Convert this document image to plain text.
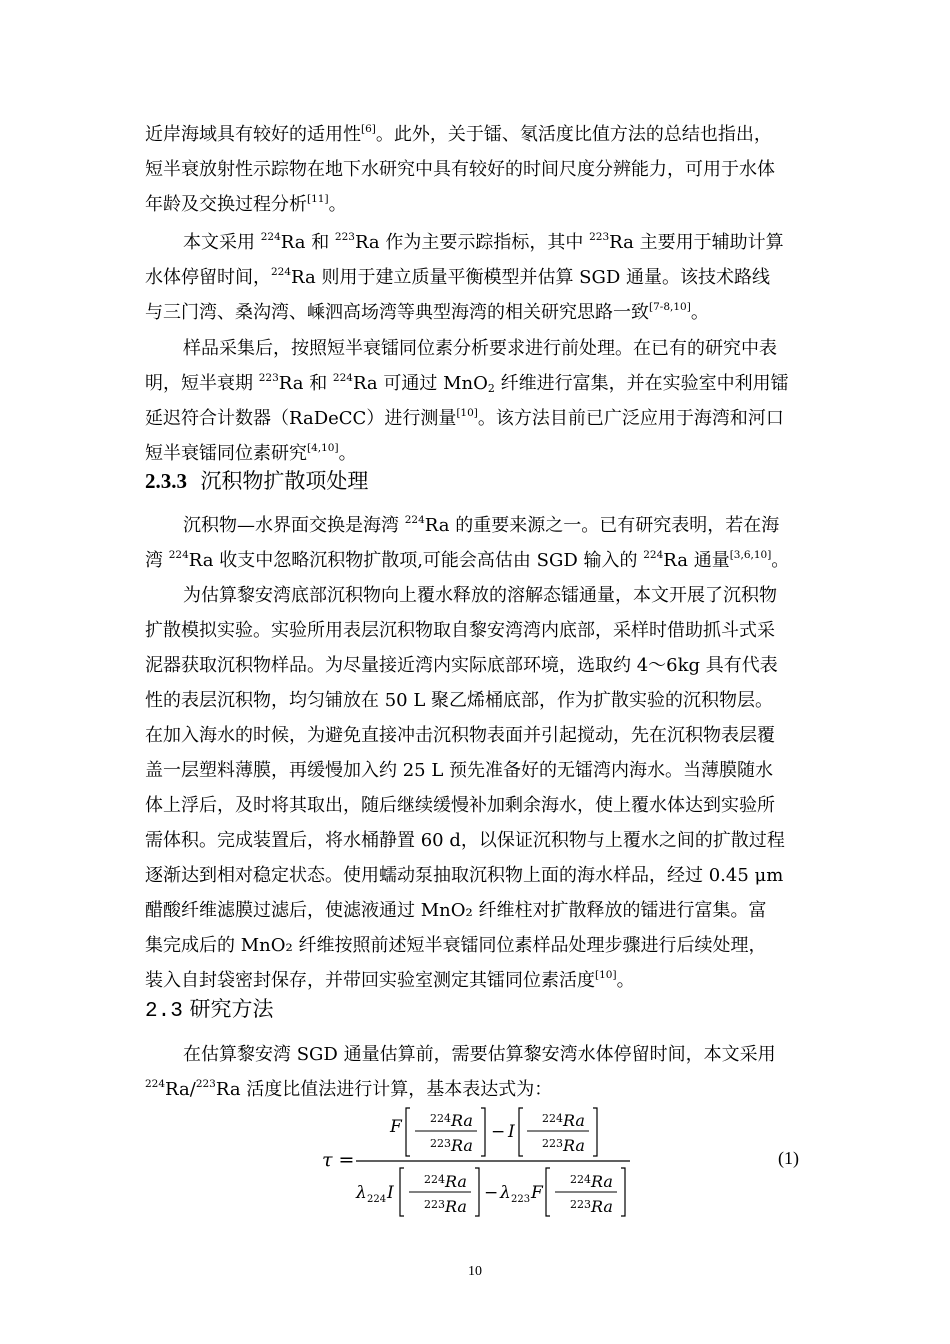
近岸海域具有较好的适用性[6]。此外，关于镭、氡活度比值方法的总结也指出，
短半衰放射性示踪物在地下水研究中具有较好的时间尺度分辨能力，可用于水体
年龄及交换过程分析[11]。
本文采用 $^{224}$Ra 和 $^{223}$Ra 作为主要示踪指标，其中 $^{223}$Ra 主要用于辅助计算
水体停留时间，$^{224}$Ra 则用于建立质量平衡模型并估算 SGD 通量。该技术路线
与三门湾、桑沟湾、嵊泗高场湾等典型海湾的相关研究思路一致[7-8,10]。
样品采集后，按照短半衰镭同位素分析要求进行前处理。在已有的研究中表
明，短半衰期 $^{223}$Ra 和 $^{224}$Ra 可通过 MnO$_2$ 纤维进行富集，并在实验室中利用镭
延迟符合计数器（RaDeCC）进行测量[10]。该方法目前已广泛应用于海湾和河口
短半衰镭同位素研究[4,10]。
2.3.3 沉积物扩散项处理
沉积物—水界面交换是海湾 $^{224}$Ra 的重要来源之一。已有研究表明，若在海
湾 $^{224}$Ra 收支中忽略沉积物扩散项,可能会高估由 SGD 输入的 $^{224}$Ra 通量[3,6,10]。
为估算黎安湾底部沉积物向上覆水释放的溶解态镭通量，本文开展了沉积物
扩散模拟实验。实验所用表层沉积物取自黎安湾湾内底部，采样时借助抓斗式采
泥器获取沉积物样品。为尽量接近湾内实际底部环境，选取约 4～6kg 具有代表
性的表层沉积物，均匀铺放在 50 L 聚乙烯桶底部，作为扩散实验的沉积物层。
在加入海水的时候，为避免直接冲击沉积物表面并引起搅动，先在沉积物表层覆
盖一层塑料薄膜，再缓慢加入约 25 L 预先准备好的无镭湾内海水。当薄膜随水
体上浮后，及时将其取出，随后继续缓慢补加剩余海水，使上覆水体达到实验所
需体积。完成装置后，将水桶静置 60 d，以保证沉积物与上覆水之间的扩散过程
逐渐达到相对稳定状态。使用蠕动泵抽取沉积物上面的海水样品，经过 0.45 μm
醋酸纤维滤膜过滤后，使滤液通过 MnO₂ 纤维柱对扩散释放的镭进行富集。富
集完成后的 MnO₂ 纤维按照前述短半衰镭同位素样品处理步骤进行后续处理，
装入自封袋密封保存，并带回实验室测定其镭同位素活度[10]。
2.3 研究方法
在估算黎安湾 SGD 通量估算前，需要估算黎安湾水体停留时间，本文采用
$^{224}$Ra/$^{223}$Ra 活度比值法进行计算，基本表达式为：
τ =
F	224 Ra
223 Ra
− I
224 Ra
223 Ra
λ 224 I
224 Ra
223 Ra
− λ 223 F
224 Ra
223 Ra
(1)
10
